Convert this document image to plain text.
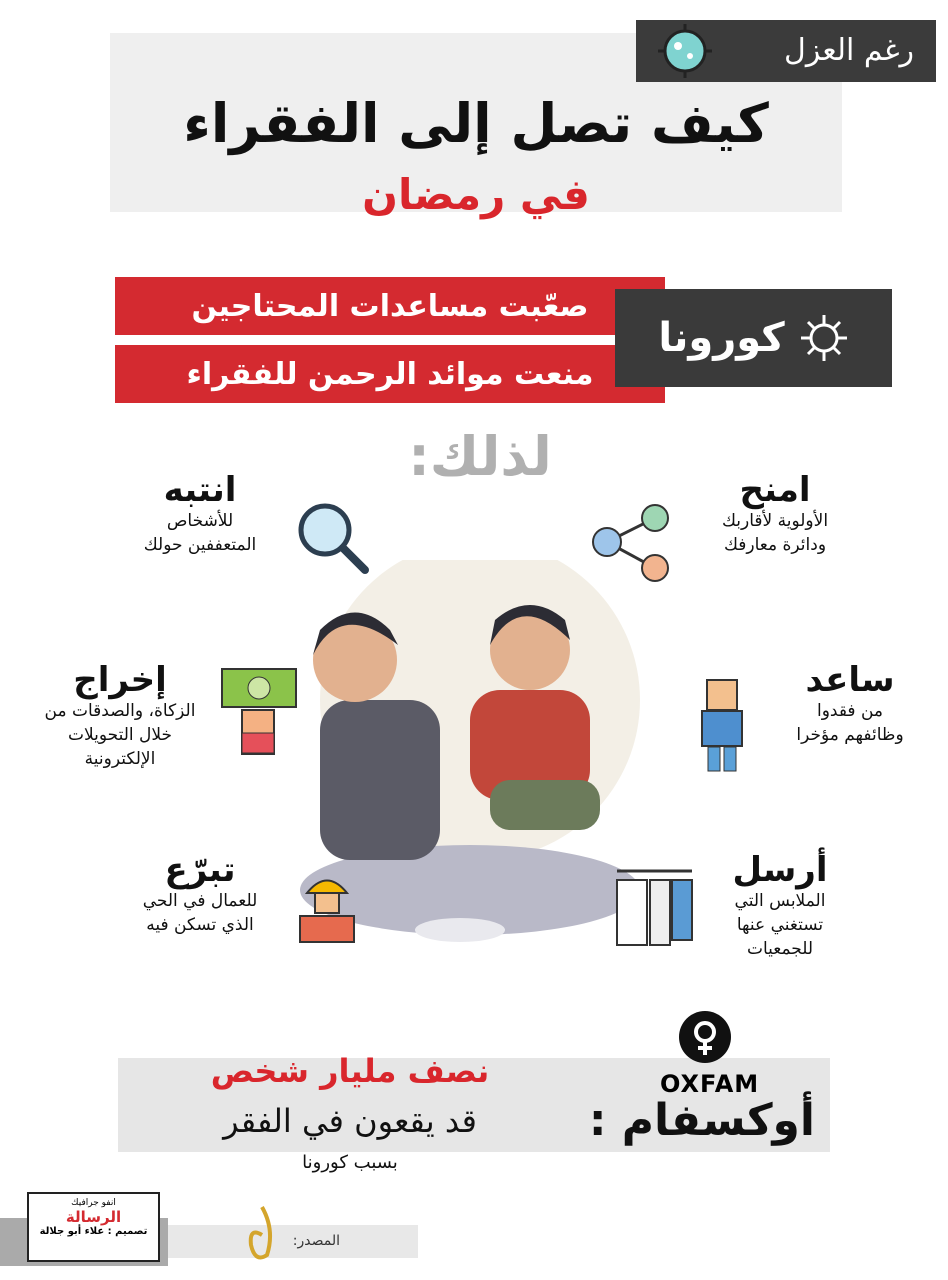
كيف تصل إلى الفقراء
في رمضان
صعّبت مساعدات المحتاجين
منعت موائد الرحمن للفقراء
كورونا
لذلك:
امنح

الأولوية لأقاربك

ودائرة معارفك

انتبه

للأشخاص

المتعففين حولك

ساعد

من فقدوا

وظائفهم مؤخرا

إخراج

الزكاة، والصدقات من

خلال التحويلات

الإلكترونية

أرسل

الملابس التي

تستغني عنها

للجمعيات

تبرّع

للعمال في الحي

الذي تسكن فيه

OXFAM
أوكسفام :
نصف مليار شخص
قد يقعون في الفقر
بسبب كورونا
انفو جرافيك
الرسالة
تصميم : علاء أبو جلالة
المصدر:
رغم العزل
